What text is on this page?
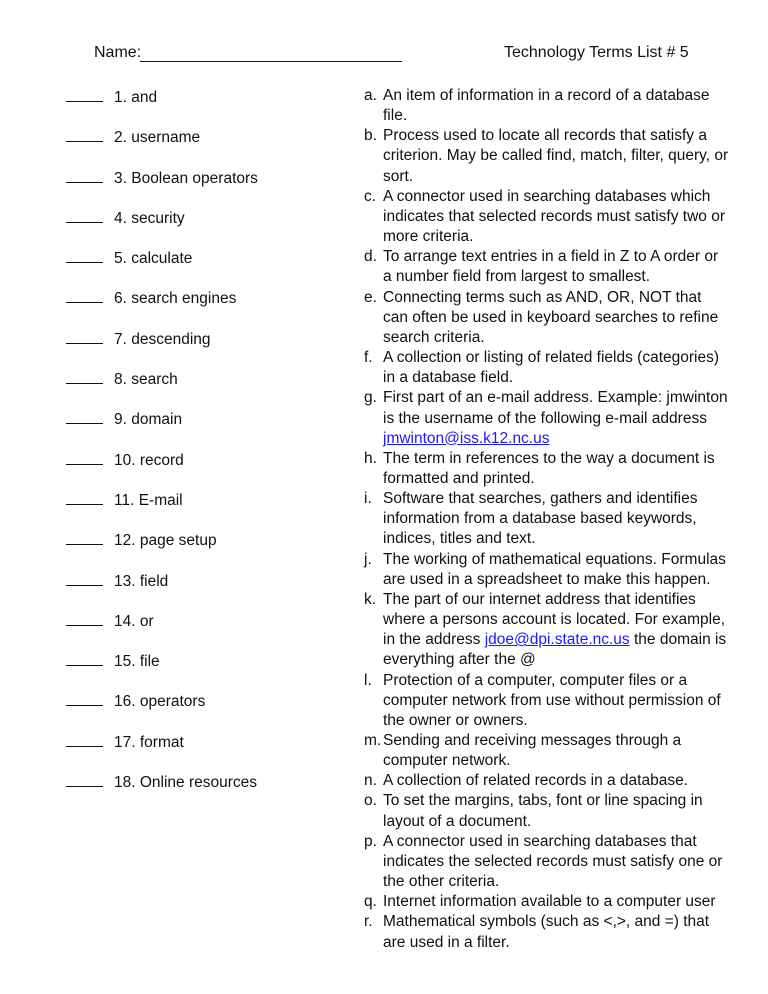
Name:	Technology Terms List # 5
1. and
2. username
3. Boolean operators
4. security
5. calculate
6. search engines
7. descending
8. search
9. domain
10. record
11. E-mail
12. page setup
13. field
14. or
15. file
16. operators
17. format
18. Online resources
a. An item of information in a record of a database file.
b. Process used to locate all records that satisfy a criterion. May be called find, match, filter, query, or sort.
c. A connector used in searching databases which indicates that selected records must satisfy two or more criteria.
d. To arrange text entries in a field in Z to A order or a number field from largest to smallest.
e. Connecting terms such as AND, OR, NOT that can often be used in keyboard searches to refine search criteria.
f. A collection or listing of related fields (categories) in a database field.
g. First part of an e-mail address. Example: jmwinton is the username of the following e-mail address jmwinton@iss.k12.nc.us
h. The term in references to the way a document is formatted and printed.
i. Software that searches, gathers and identifies information from a database based keywords, indices, titles and text.
j. The working of mathematical equations. Formulas are used in a spreadsheet to make this happen.
k. The part of our internet address that identifies where a persons account is located. For example, in the address jdoe@dpi.state.nc.us the domain is everything after the @
l. Protection of a computer, computer files or a computer network from use without permission of the owner or owners.
m. Sending and receiving messages through a computer network.
n. A collection of related records in a database.
o. To set the margins, tabs, font or line spacing in layout of a document.
p. A connector used in searching databases that indicates the selected records must satisfy one or the other criteria.
q. Internet information available to a computer user
r. Mathematical symbols (such as <,>, and =) that are used in a filter.
